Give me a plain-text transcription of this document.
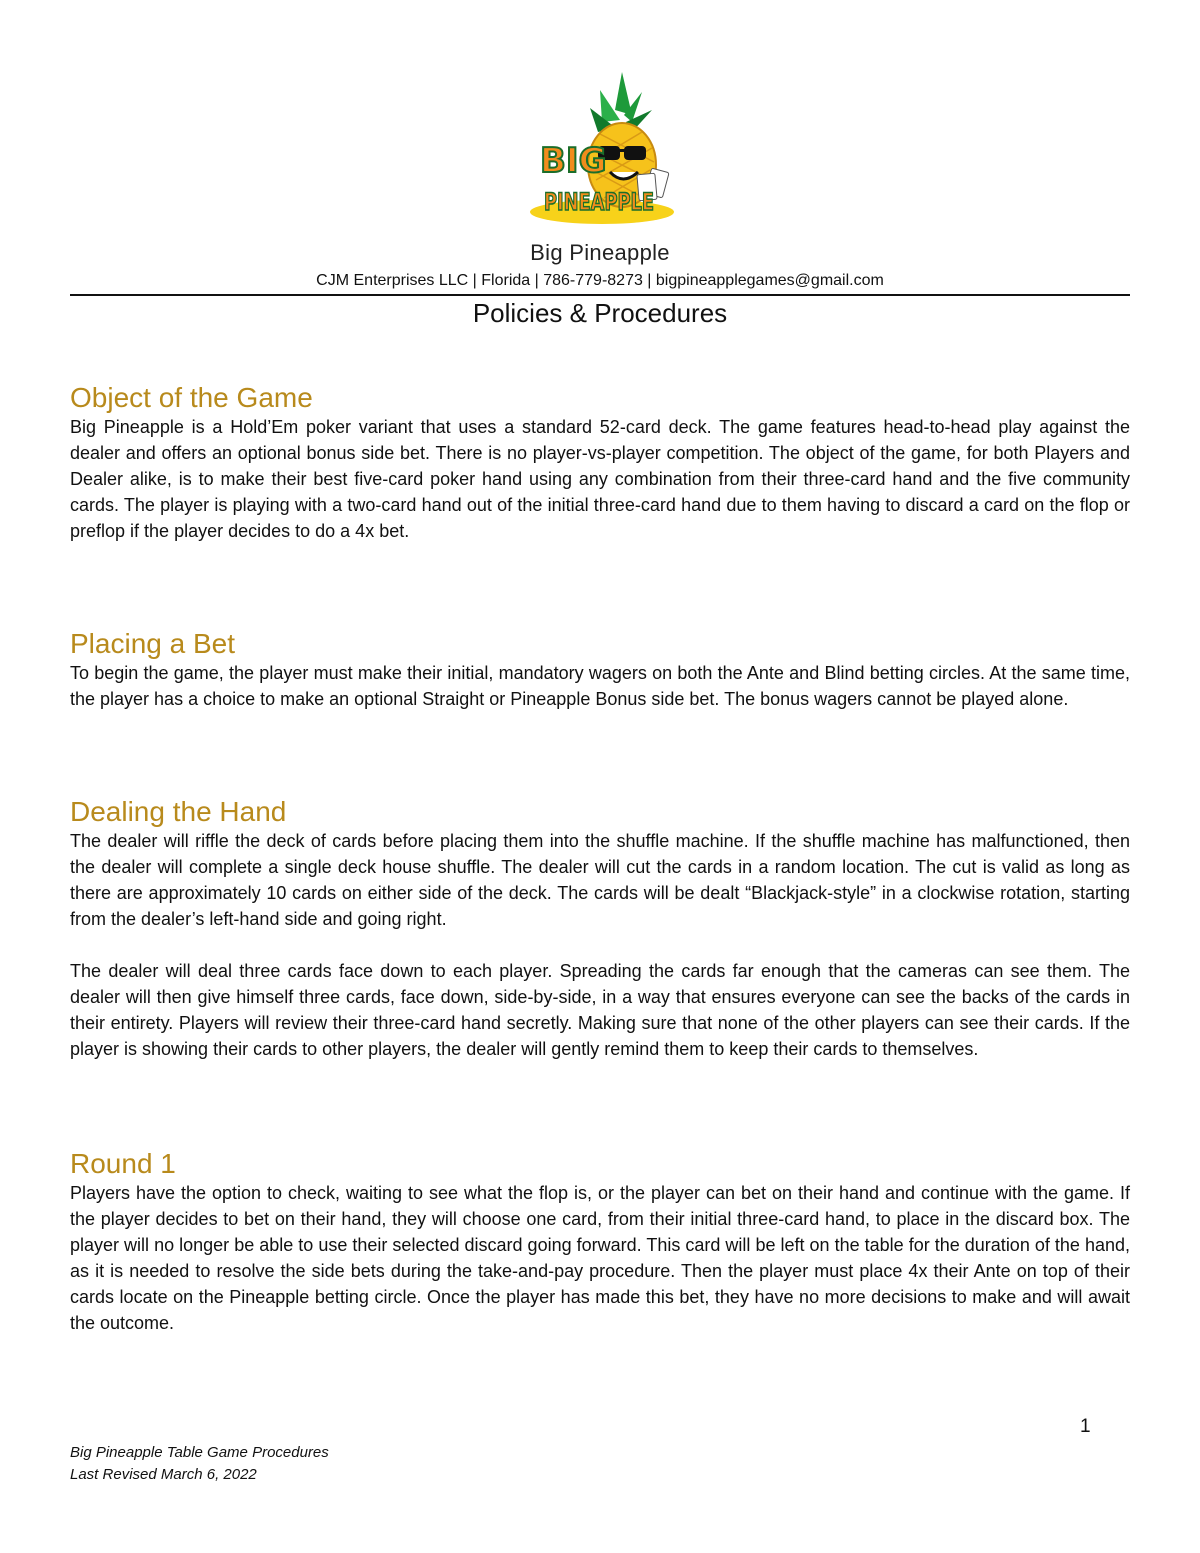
BIG
PINEAPPLE
Big Pineapple
CJM Enterprises LLC | Florida | 786-779-8273 | bigpineapplegames@gmail.com
Policies & Procedures
Object of the Game

Big Pineapple is a Hold’Em poker variant that uses a standard 52-card deck. The game features head-to-head play against the dealer and offers an optional bonus side bet. There is no player-vs-player competition. The object of the game, for both Players and Dealer alike, is to make their best five-card poker hand using any combination from their three-card hand and the five community cards. The player is playing with a two-card hand out of the initial three-card hand due to them having to discard a card on the flop or preflop if the player decides to do a 4x bet.

Placing a Bet

To begin the game, the player must make their initial, mandatory wagers on both the Ante and Blind betting circles. At the same time, the player has a choice to make an optional Straight or Pineapple Bonus side bet. The bonus wagers cannot be played alone.

Dealing the Hand

The dealer will riffle the deck of cards before placing them into the shuffle machine. If the shuffle machine has malfunctioned, then the dealer will complete a single deck house shuffle. The dealer will cut the cards in a random location. The cut is valid as long as there are approximately 10 cards on either side of the deck. The cards will be dealt “Blackjack-style” in a clockwise rotation, starting from the dealer’s left-hand side and going right.

The dealer will deal three cards face down to each player. Spreading the cards far enough that the cameras can see them. The dealer will then give himself three cards, face down, side-by-side, in a way that ensures everyone can see the backs of the cards in their entirety. Players will review their three-card hand secretly. Making sure that none of the other players can see their cards. If the player is showing their cards to other players, the dealer will gently remind them to keep their cards to themselves.

Round 1

Players have the option to check, waiting to see what the flop is, or the player can bet on their hand and continue with the game. If the player decides to bet on their hand, they will choose one card, from their initial three-card hand, to place in the discard box. The player will no longer be able to use their selected discard going forward. This card will be left on the table for the duration of the hand, as it is needed to resolve the side bets during the take-and-pay procedure. Then the player must place 4x their Ante on top of their cards locate on the Pineapple betting circle. Once the player has made this bet, they have no more decisions to make and will await the outcome.

1
Big Pineapple Table Game Procedures
Last Revised March 6, 2022
